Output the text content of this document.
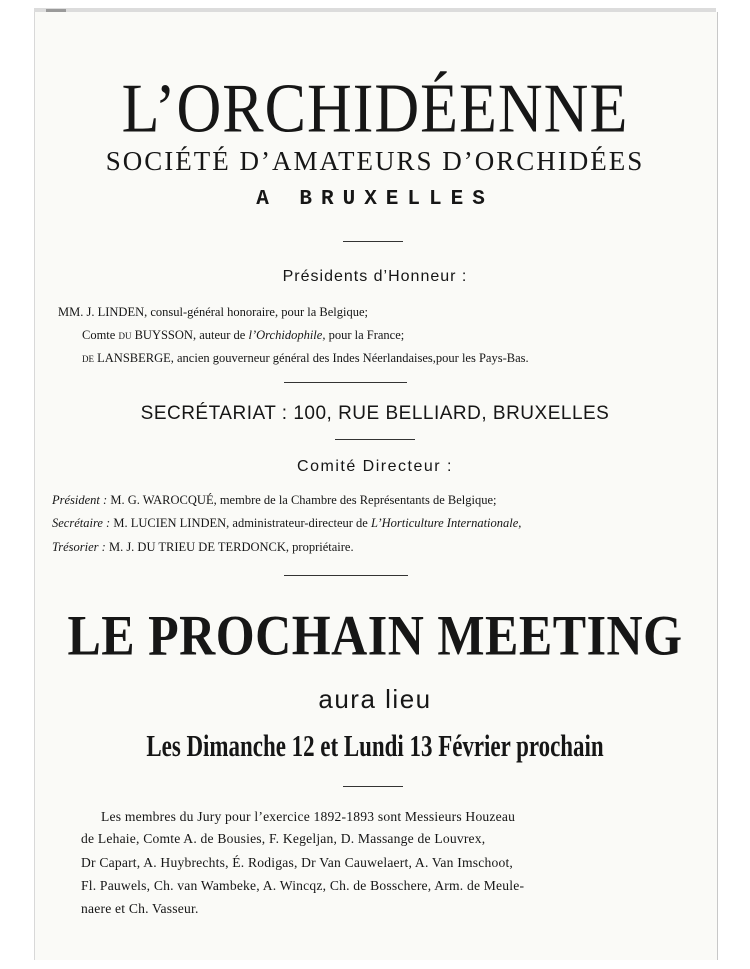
L’ORCHIDÉENNE
SOCIÉTÉ D’AMATEURS D’ORCHIDÉES
A BRUXELLES
Présidents d’Honneur :
MM. J. LINDEN, consul-général honoraire, pour la Belgique;
Comte du BUYSSON, auteur de l’Orchidophile, pour la France;
de LANSBERGE, ancien gouverneur général des Indes Néerlandaises,pour les Pays-Bas.
SECRÉTARIAT : 100, RUE BELLIARD, BRUXELLES
Comité Directeur :
Président : M. G. WAROCQUÉ, membre de la Chambre des Représentants de Belgique;
Secrétaire : M. LUCIEN LINDEN, administrateur-directeur de L’Horticulture Internationale,
Trésorier : M. J. DU TRIEU DE TERDONCK, propriétaire.
LE PROCHAIN MEETING
aura lieu
Les Dimanche 12 et Lundi 13 Février prochain
Les membres du Jury pour l’exercice 1892-1893 sont Messieurs Houzeau
de Lehaie, Comte A. de Bousies, F. Kegeljan, D. Massange de Louvrex,
Dr Capart, A. Huybrechts, É. Rodigas, Dr Van Cauwelaert, A. Van Imschoot,
Fl. Pauwels, Ch. van Wambeke, A. Wincqz, Ch. de Bosschere, Arm. de Meule-
naere et Ch. Vasseur.
